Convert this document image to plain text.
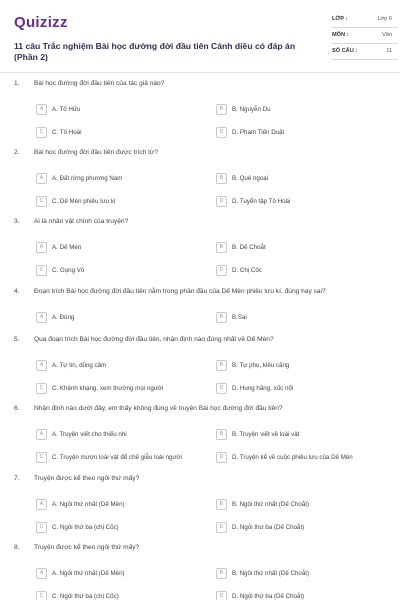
Quizizz
11 câu Trắc nghiệm Bài học đường đời đầu tiên Cánh diều có đáp án (Phần 2)
LỚP :	Lớp 6
MÔN :	Văn
SỐ CÂU :	11
1. Bài học đường đời đầu tiên của tác giả nào?
A	A. Tố Hữu	B	B. Nguyễn Du
C	C. Tô Hoài	D	D. Phạm Tiến Duật
2. Bài học đường đời đầu tiên được trích từ?
A	A. Đất rừng phương Nam	B	B. Quê ngoại
C	C. Dế Mèn phiêu lưu kí	D	D. Tuyển tập Tô Hoài
3. Ai là nhân vật chính của truyện?
A	A. Dế Mèn	B	B. Dế Choắt
C	C. Gọng Vó	D	D. Chị Cốc
4. Đoạn trích Bài học đường đời đầu tiên nằm trong phần đầu của Dế Mèn phiêu lưu kí, đúng hay sai?
A	A. Đúng	B	B.Sai
5. Qua đoạn trích Bài học đường đời đầu tiên, nhận định nào đúng nhất về Dế Mèn?
A	A. Tự tin, dũng cảm	B	B. Tự phụ, kiêu căng
C	C. Khệnh khạng, xem thường mọi người	D	D. Hung hăng, xốc nổi
6. Nhận định nào dưới đây, em thấy không đúng về truyện Bài học đường đời đầu tiên?
A	A. Truyện viết cho thiếu nhi	B	B. Truyện viết về loài vật
C	C. Truyện mượn loài vật để chế giễu loài người	D	D. Truyện kể về cuộc phiêu lưu của Dế Mèn
7. Truyện được kể theo ngôi thứ mấy?
A	A. Ngôi thứ nhất (Dế Mèn)	B	B. Ngôi thứ nhất (Dế Choắt)
C	C. Ngôi thứ ba (chị Cốc)	D	D. Ngôi thứ ba (Dế Choắt)
8. Truyện được kể theo ngôi thứ mấy?
A	A. Ngôi thứ nhất (Dế Mèn)	B	B. Ngôi thứ nhất (Dế Choắt)
C	C. Ngôi thứ ba (chị Cốc)	D	D. Ngôi thứ ba (Dế Choắt)
